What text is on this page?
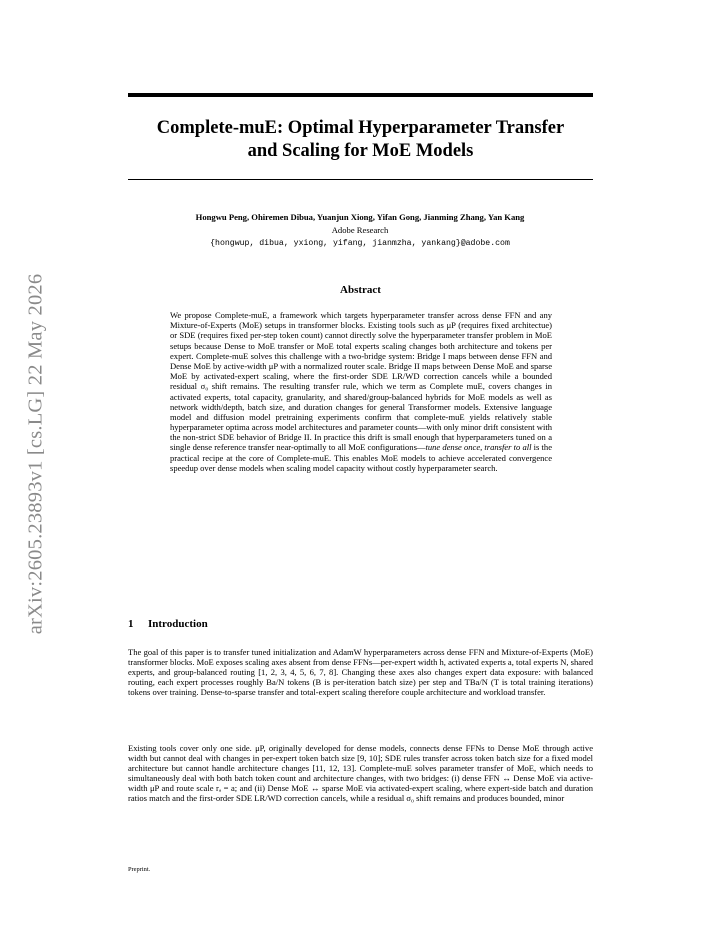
arXiv:2605.23893v1 [cs.LG] 22 May 2026
Complete-muE: Optimal Hyperparameter Transfer
and Scaling for MoE Models
Hongwu Peng, Ohiremen Dibua, Yuanjun Xiong, Yifan Gong, Jianming Zhang, Yan Kang
Adobe Research
{hongwup, dibua, yxiong, yifang, jianmzha, yankang}@adobe.com
Abstract

We propose Complete-muE, a framework which targets hyperparameter transfer across dense FFN and any Mixture-of-Experts (MoE) setups in transformer blocks. Existing tools such as μP (requires fixed architectue) or SDE (requires fixed per-step token count) cannot directly solve the hyperparameter transfer problem in MoE setups because Dense to MoE transfer or MoE total experts scaling changes both architecture and tokens per expert. Complete-muE solves this challenge with a two-bridge system: Bridge I maps between dense FFN and Dense MoE by active-width μP with a normalized router scale. Bridge II maps between Dense MoE and sparse MoE by activated-expert scaling, where the first-order SDE LR/WD correction cancels while a bounded residual σ₀ shift remains. The resulting transfer rule, which we term as Complete muE, covers changes in activated experts, total capacity, granularity, and shared/group-balanced hybrids for MoE models as well as network width/depth, batch size, and duration changes for general Transformer models. Extensive language model and diffusion model pretraining experiments confirm that complete-muE yields relatively stable hyperparameter optima across model architectures and parameter counts—with only minor drift consistent with the non-strict SDE behavior of Bridge II. In practice this drift is small enough that hyperparameters tuned on a single dense reference transfer near-optimally to all MoE configurations—tune dense once, transfer to all is the practical recipe at the core of Complete-muE. This enables MoE models to achieve accelerated convergence speedup over dense models when scaling model capacity without costly hyperparameter search.

1 Introduction

The goal of this paper is to transfer tuned initialization and AdamW hyperparameters across dense FFN and Mixture-of-Experts (MoE) transformer blocks. MoE exposes scaling axes absent from dense FFNs—per-expert width h, activated experts a, total experts N, shared experts, and group-balanced routing [1, 2, 3, 4, 5, 6, 7, 8]. Changing these axes also changes expert data exposure: with balanced routing, each expert processes roughly Ba/N tokens (B is per-iteration batch size) per step and TBa/N (T is total training iterations) tokens over training. Dense-to-sparse transfer and total-expert scaling therefore couple architecture and workload transfer.

Existing tools cover only one side. μP, originally developed for dense models, connects dense FFNs to Dense MoE through active width but cannot deal with changes in per-expert token batch size [9, 10]; SDE rules transfer across token batch size for a fixed model architecture but cannot handle architecture changes [11, 12, 13]. Complete-muE solves parameter transfer of MoE, which needs to simultaneously deal with both batch token count and architecture changes, with two bridges: (i) dense FFN ↔ Dense MoE via active-width μP and route scale rₐ = a; and (ii) Dense MoE ↔ sparse MoE via activated-expert scaling, where expert-side batch and duration ratios match and the first-order SDE LR/WD correction cancels, while a residual σ₀ shift remains and produces bounded, minor

Preprint.
